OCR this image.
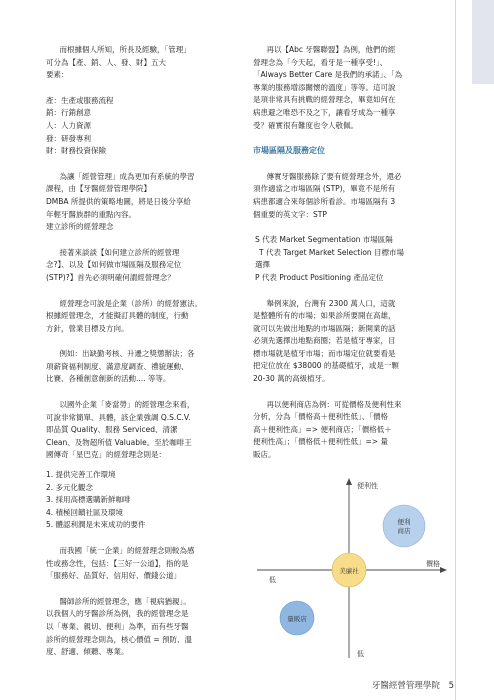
而根據個人所知，所長及經驗，「管理」
可分為【產、銷、人、發、財】五大
要素：

產：生產或服務流程
銷：行銷創意
人：人力資源
發：研發專利
財：財務投資保險

為讓「經營管理」成為更加有系統的學習
課程，由【牙醫經營管理學院】
DMBA 所提供的策略地圖，將是日後分享給
年輕牙醫族群的重點內容。
建立診所的經營理念

接著來談談【如何建立診所的經營理
念?】、以及【如何做市場區隔及服務定位
(STP)?】首先必須明確何謂經營理念？

經營理念可說是企業（診所）的經營憲法。
根據經營理念，才能擬訂具體的制度，行動
方針，營業目標及方向。

例如：出缺勤考核、升遷之獎懲辦法；各
項薪資福利制度、滿意度調查、禮貌運動、
比賽、各種創意創新的活動.... 等等。

以國外企業「麥當勞」的經營理念來看，
可說非常簡單、具體，該企業強調 Q.S.C.V.
即品質 Quality、服務 Serviced、清潔
Clean、及物超所值 Valuable。至於咖啡王
國傳奇「星巴克」的經營理念則是：

1. 提供完善工作環境
2. 多元化觀念
3. 採用高標選購新鮮咖啡
4. 積極回饋社區及環境
5. 體認利潤是未來成功的要件

而我國「統一企業」的經營理念則較為感
性或務念性，包括：【三好一公道】，指的是
「服務好、品質好、信用好、價錢公道」

醫師診所的經營理念，應「視病猶親」。
以我個人的牙醫診所為例，我的經營理念是
以「專業、親切、便利」為準，而有些牙醫
診所的經營理念則為，核心價值 = 預防、溫
度、舒適、傾聽、專業。

再以【Abc 牙醫聯盟】為例，他們的經
營理念為「今天起，看牙是一種享受!」、
「Always Better Care 是我們的承諾」、「為
專業的服務增添關懷的溫度」等等。這可說
是項非常具有挑戰的經營理念，畢竟如何在
病患避之唯恐不及之下，讓看牙成為一種享
受？確實很有難度也令人敬佩。

市場區隔及服務定位

傳實牙醫服務除了要有經營理念外，還必
須作適當之市場區隔 (STP)，畢竟不是所有
病患都適合來每個診所看診。市場區隔有 3
個重要的英文字：STP

S 代表 Market Segmentation 市場區隔
T 代表 Target Market Selection 目標市場
選擇
P 代表 Product Positioning 產品定位

舉例來說，台灣有 2300 萬人口，這就
是整體所有的市場；如果診所要開在高雄，
就可以先做出地點的市場區隔；新開業的話
必須先選擇出地點商圈；若是植牙專家，目
標市場就是植牙市場；而市場定位就要看是
把定位放在 $38000 的基礎植牙，或是一顆
20-30 萬的高級植牙。

再以便利商店為例：可從價格及便利性來
分析，分為「價格高＋便利性低」、「價格
高＋便利性高」=> 便利商店；「價格低＋
便利性高」；「價格低＋便利性低」=> 量
販店。

便利性
低
價格
低
美廉社
便利
商店
量販店
牙醫經營管理學院 5
